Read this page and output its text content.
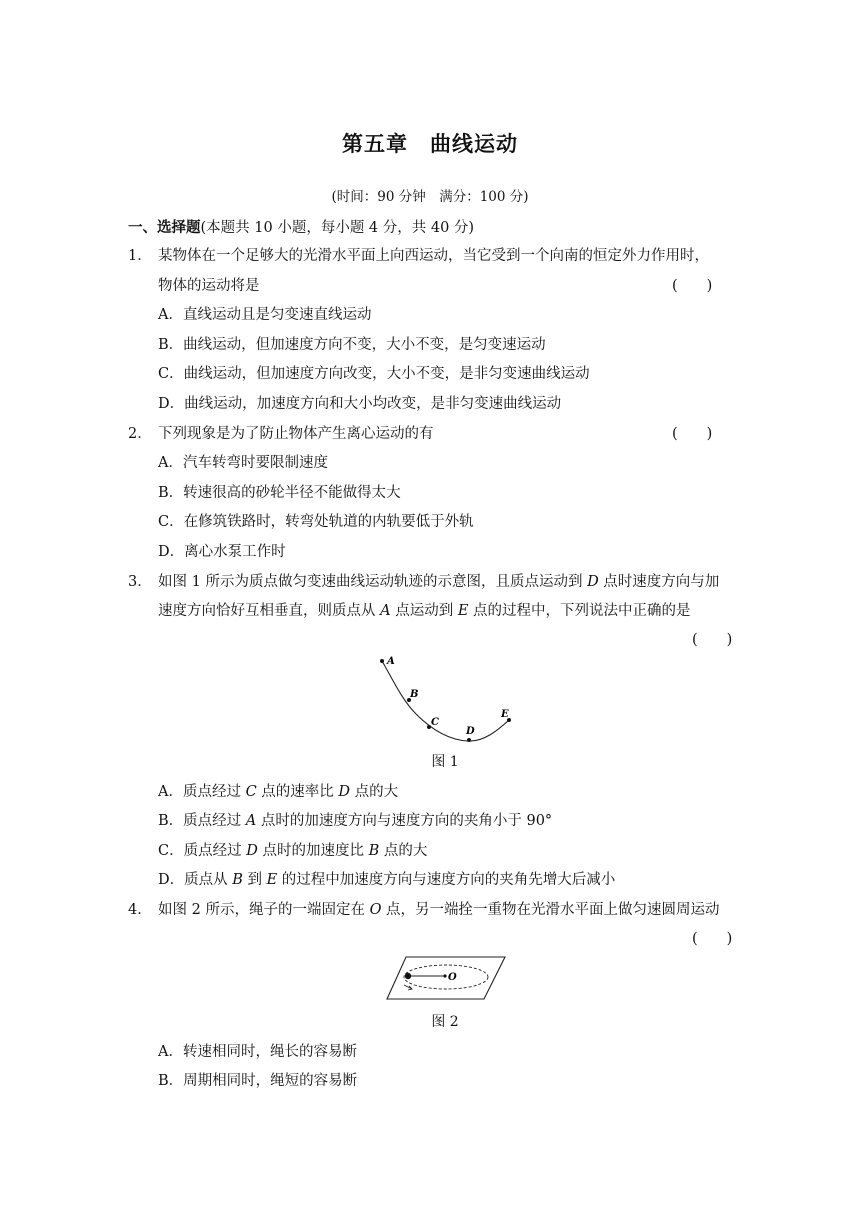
第五章　曲线运动
(时间：90 分钟　满分：100 分)
一、选择题(本题共 10 小题，每小题 4 分，共 40 分)
1． 某物体在一个足够大的光滑水平面上向西运动，当它受到一个向南的恒定外力作用时，
物体的运动将是	(　　)
A．直线运动且是匀变速直线运动
B．曲线运动，但加速度方向不变，大小不变，是匀变速运动
C．曲线运动，但加速度方向改变，大小不变，是非匀变速曲线运动
D．曲线运动，加速度方向和大小均改变，是非匀变速曲线运动
2． 下列现象是为了防止物体产生离心运动的有	(　　)
A．汽车转弯时要限制速度
B．转速很高的砂轮半径不能做得太大
C．在修筑铁路时，转弯处轨道的内轨要低于外轨
D．离心水泵工作时
3． 如图 1 所示为质点做匀变速曲线运动轨迹的示意图，且质点运动到 D 点时速度方向与加
速度方向恰好互相垂直，则质点从 A 点运动到 E 点的过程中，下列说法中正确的是
(　　)
A
B
C
D
E
图 1
A．质点经过 C 点的速率比 D 点的大
B．质点经过 A 点时的加速度方向与速度方向的夹角小于 90°
C．质点经过 D 点时的加速度比 B 点的大
D．质点从 B 到 E 的过程中加速度方向与速度方向的夹角先增大后减小
4． 如图 2 所示，绳子的一端固定在 O 点，另一端拴一重物在光滑水平面上做匀速圆周运动
(　　)
O
图 2
A．转速相同时，绳长的容易断
B．周期相同时，绳短的容易断
